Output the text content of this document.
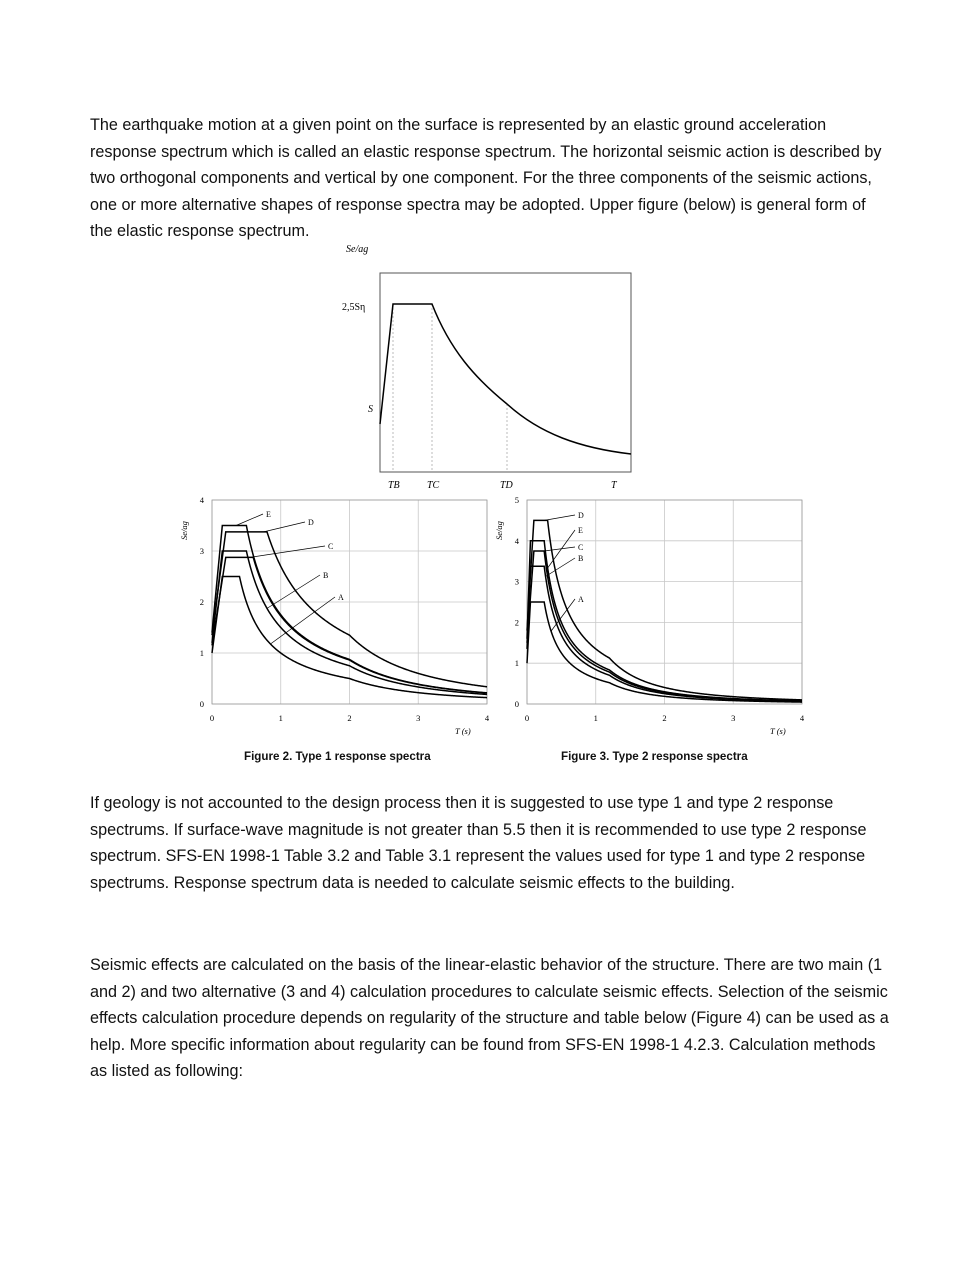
The earthquake motion at a given point on the surface is represented by an elastic ground acceleration response spectrum which is called an elastic response spectrum. The horizontal seismic action is described by two orthogonal components and vertical by one component. For the three components of the seismic actions, one or more alternative shapes of response spectra may be adopted. Upper figure (below) is general form of the elastic response spectrum.

Se/ag
2,5Sη
S
TB	TC	TD	T
0	1	2	3	4
0
1
2
3
4
T (s)
Se/ag
A
B
C
D
E
Figure 2. Type 1 response spectra
0	1	2	3	4
0
1
2
3
4
5
T (s)
Se/ag
A
B
C
D
E
Figure 3. Type 2 response spectra

If geology is not accounted to the design process then it is suggested to use type 1 and type 2 response spectrums. If surface-wave magnitude is not greater than 5.5 then it is recommended to use type 2 response spectrum. SFS-EN 1998-1 Table 3.2 and Table 3.1 represent the values used for type 1 and type 2 response spectrums. Response spectrum data is needed to calculate seismic effects to the building.

Seismic effects are calculated on the basis of the linear-elastic behavior of the structure. There are two main (1 and 2) and two alternative (3 and 4) calculation procedures to calculate seismic effects. Selection of the seismic effects calculation procedure depends on regularity of the structure and table below (Figure 4) can be used as a help. More specific information about regularity can be found from SFS-EN 1998-1 4.2.3. Calculation methods as listed as following:
